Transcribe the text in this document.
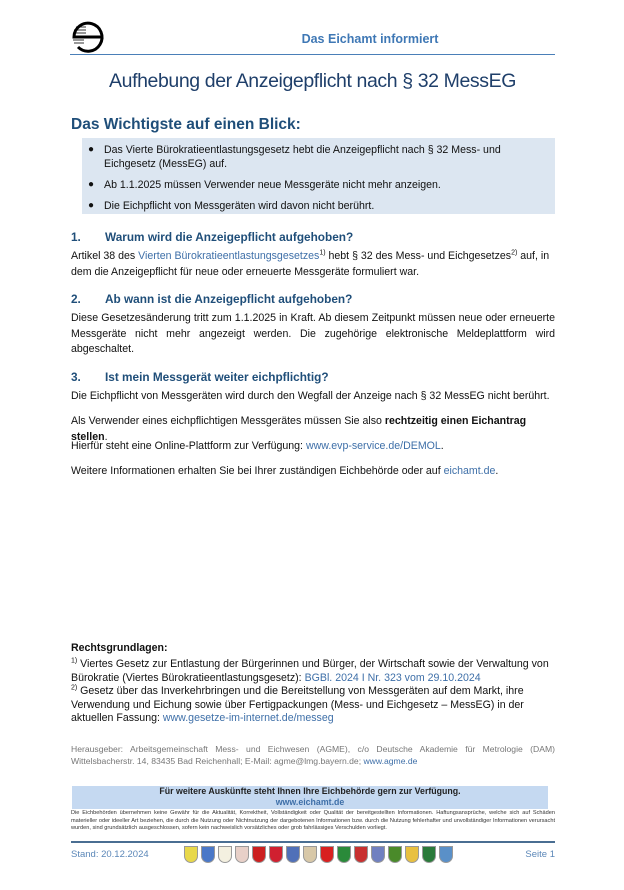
Das Eichamt informiert
Aufhebung der Anzeigepflicht nach § 32 MessEG
Das Wichtigste auf einen Blick:
● Das Vierte Bürokratieentlastungsgesetz hebt die Anzeigepflicht nach § 32 Mess- und Eichgesetz (MessEG) auf.
● Ab 1.1.2025 müssen Verwender neue Messgeräte nicht mehr anzeigen.
● Die Eichpflicht von Messgeräten wird davon nicht berührt.
1. Warum wird die Anzeigepflicht aufgehoben?
Artikel 38 des Vierten Bürokratieentlastungsgesetzes$^{1)}$ hebt § 32 des Mess- und Eichgesetzes$^{2)}$ auf, in dem die Anzeigepflicht für neue oder erneuerte Messgeräte formuliert war.
2. Ab wann ist die Anzeigepflicht aufgehoben?
Diese Gesetzesänderung tritt zum 1.1.2025 in Kraft. Ab diesem Zeitpunkt müssen neue oder erneuerte Messgeräte nicht mehr angezeigt werden. Die zugehörige elektronische Meldeplattform wird abgeschaltet.
3. Ist mein Messgerät weiter eichpflichtig?
Die Eichpflicht von Messgeräten wird durch den Wegfall der Anzeige nach § 32 MessEG nicht berührt.
Als Verwender eines eichpflichtigen Messgerätes müssen Sie also rechtzeitig einen Eichantrag stellen.
Hierfür steht eine Online-Plattform zur Verfügung: www.evp-service.de/DEMOL.
Weitere Informationen erhalten Sie bei Ihrer zuständigen Eichbehörde oder auf eichamt.de.
Rechtsgrundlagen:
$^{1)}$ Viertes Gesetz zur Entlastung der Bürgerinnen und Bürger, der Wirtschaft sowie der Verwaltung von Bürokratie (Viertes Bürokratieentlastungsgesetz): BGBl. 2024 I Nr. 323 vom 29.10.2024
$^{2)}$ Gesetz über das Inverkehrbringen und die Bereitstellung von Messgeräten auf dem Markt, ihre Verwendung und Eichung sowie über Fertigpackungen (Mess- und Eichgesetz – MessEG) in der aktuellen Fassung: www.gesetze-im-internet.de/messeg
Herausgeber: Arbeitsgemeinschaft Mess- und Eichwesen (AGME), c/o Deutsche Akademie für Metrologie (DAM) Wittelsbacherstr. 14, 83435 Bad Reichenhall; E-Mail: agme@lmg.bayern.de; www.agme.de
Für weitere Auskünfte steht Ihnen Ihre Eichbehörde gern zur Verfügung.
www.eichamt.de
Die Eichbehörden übernehmen keine Gewähr für die Aktualität, Korrektheit, Vollständigkeit oder Qualität der bereitgestellten Informationen. Haftungsansprüche, welche sich auf Schäden materieller oder ideeller Art beziehen, die durch die Nutzung oder Nichtnutzung der dargebotenen Informationen bzw. durch die Nutzung fehlerhafter und unvollständiger Informationen verursacht wurden, sind grundsätzlich ausgeschlossen, sofern kein nachweislich vorsätzliches oder grob fahrlässiges Verschulden vorliegt.
Stand: 20.12.2024	Seite 1
